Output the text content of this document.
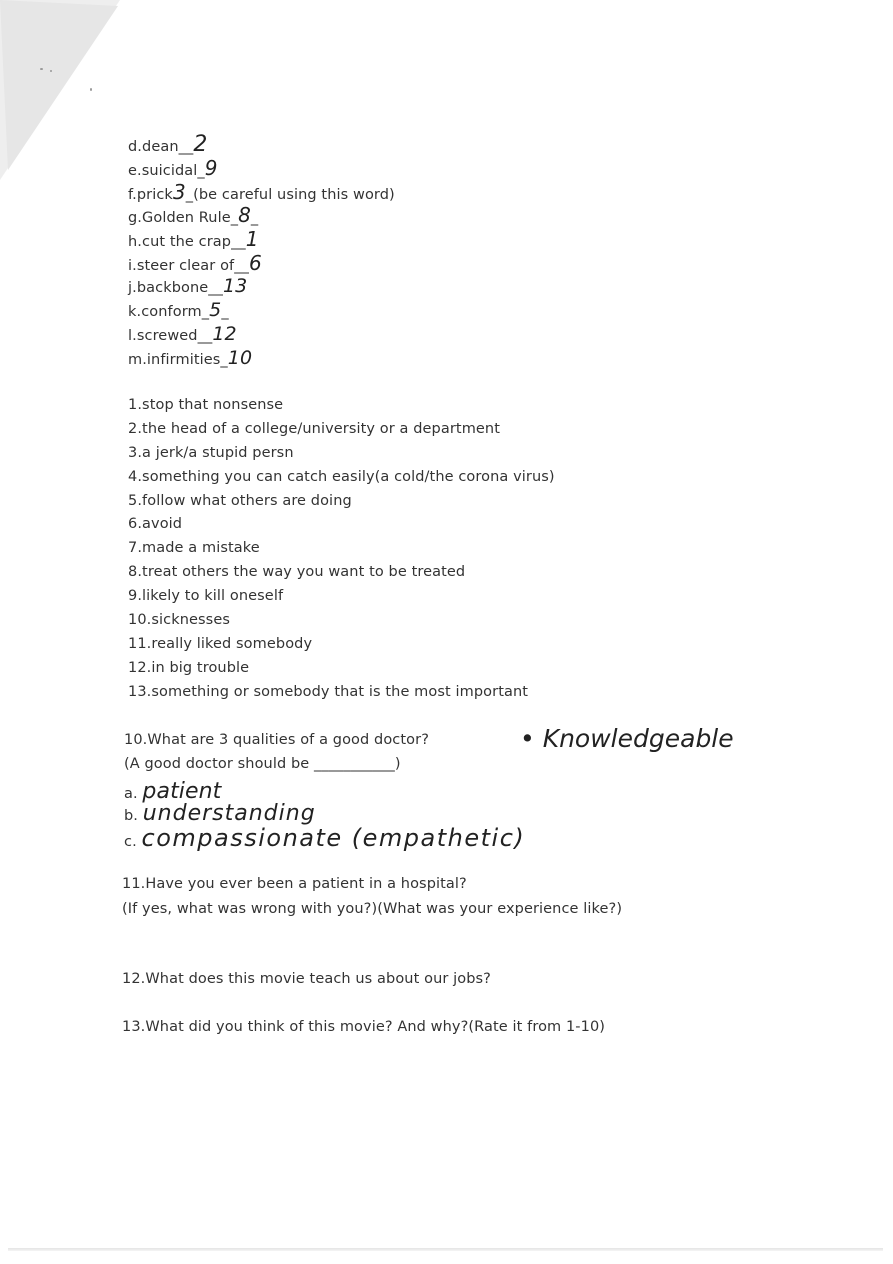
d.dean__2
e.suicidal_9
f.prick3_(be careful using this word)
g.Golden Rule_8_
h.cut the crap__1
i.steer clear of__6
j.backbone__13
k.conform_5_
l.screwed__12
m.infirmities_10
1.stop that nonsense
2.the head of a college/university or a department
3.a jerk/a stupid persn
4.something you can catch easily(a cold/the corona virus)
5.follow what others are doing
6.avoid
7.made a mistake
8.treat others the way you want to be treated
9.likely to kill oneself
10.sicknesses
11.really liked somebody
12.in big trouble
13.something or somebody that is the most important
10.What are 3 qualities of a good doctor?	• Knowledgeable
(A good doctor should be ___________)
a. patient
b. understanding
c. compassionate (empathetic)
11.Have you ever been a patient in a hospital?
(If yes, what was wrong with you?)(What was your experience like?)
12.What does this movie teach us about our jobs?
13.What did you think of this movie? And why?(Rate it from 1-10)
